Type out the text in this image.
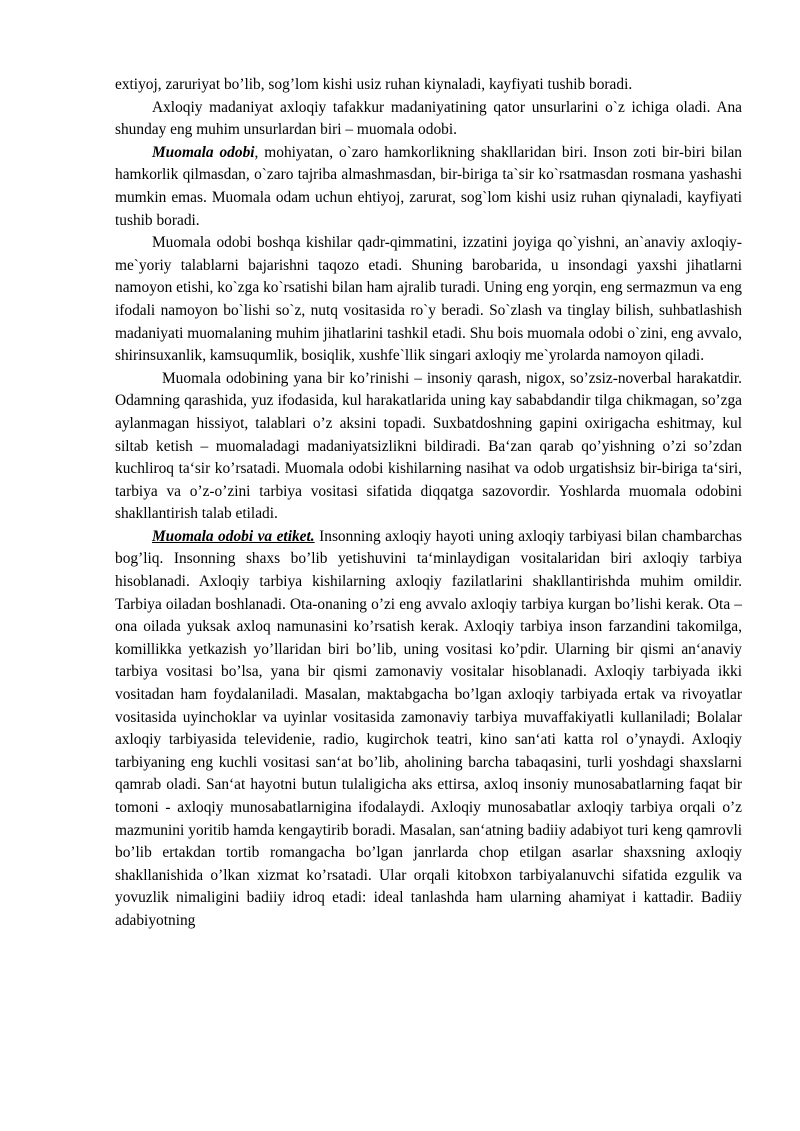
extiyoj, zaruriyat bo’lib, sog’lom kishi usiz ruhan kiynaladi, kayfiyati tushib boradi.

Axloqiy madaniyat axloqiy tafakkur madaniyatining qator unsurlarini o`z ichiga oladi. Ana shunday eng muhim unsurlardan biri – muomala odobi.

Muomala odobi, mohiyatan, o`zaro hamkorlikning shakllaridan biri. Inson zoti bir-biri bilan hamkorlik qilmasdan, o`zaro tajriba almashmasdan, bir-biriga ta`sir ko`rsatmasdan rosmana yashashi mumkin emas. Muomala odam uchun ehtiyoj, zarurat, sog`lom kishi usiz ruhan qiynaladi, kayfiyati tushib boradi.

Muomala odobi boshqa kishilar qadr-qimmatini, izzatini joyiga qo`yishni, an`anaviy axloqiy-me`yoriy talablarni bajarishni taqozo etadi. Shuning barobarida, u insondagi yaxshi jihatlarni namoyon etishi, ko`zga ko`rsatishi bilan ham ajralib turadi. Uning eng yorqin, eng sermazmun va eng ifodali namoyon bo`lishi so`z, nutq vositasida ro`y beradi. So`zlash va tinglay bilish, suhbatlashish madaniyati muomalaning muhim jihatlarini tashkil etadi. Shu bois muomala odobi o`zini, eng avvalo, shirinsuxanlik, kamsuqumlik, bosiqlik, xushfe`llik singari axloqiy me`yrolarda namoyon qiladi.

Muomala odobining yana bir ko’rinishi – insoniy qarash, nigox, so’zsiz-noverbal harakatdir. Odamning qarashida, yuz ifodasida, kul harakatlarida uning kay sababdandir tilga chikmagan, so’zga aylanmagan hissiyot, talablari o’z aksini topadi. Suxbatdoshning gapini oxirigacha eshitmay, kul siltab ketish – muomaladagi madaniyatsizlikni bildiradi. Ba‘zan qarab qo’yishning o’zi so’zdan kuchliroq ta‘sir ko’rsatadi. Muomala odobi kishilarning nasihat va odob urgatishsiz bir-biriga ta‘siri, tarbiya va o’z-o’zini tarbiya vositasi sifatida diqqatga sazovordir. Yoshlarda muomala odobini shakllantirish talab etiladi.

Muomala odobi va etiket. Insonning axloqiy hayoti uning axloqiy tarbiyasi bilan chambarchas bog’liq. Insonning shaxs bo’lib yetishuvini ta‘minlaydigan vositalaridan biri axloqiy tarbiya hisoblanadi. Axloqiy tarbiya kishilarning axloqiy fazilatlarini shakllantirishda muhim omildir. Tarbiya oiladan boshlanadi. Ota-onaning o’zi eng avvalo axloqiy tarbiya kurgan bo’lishi kerak. Ota – ona oilada yuksak axloq namunasini ko’rsatish kerak. Axloqiy tarbiya inson farzandini takomilga, komillikka yetkazish yo’llaridan biri bo’lib, uning vositasi ko’pdir. Ularning bir qismi an‘anaviy tarbiya vositasi bo’lsa, yana bir qismi zamonaviy vositalar hisoblanadi. Axloqiy tarbiyada ikki vositadan ham foydalaniladi. Masalan, maktabgacha bo’lgan axloqiy tarbiyada ertak va rivoyatlar vositasida uyinchoklar va uyinlar vositasida zamonaviy tarbiya muvaffakiyatli kullaniladi; Bolalar axloqiy tarbiyasida televidenie, radio, kugirchok teatri, kino san‘ati katta rol o’ynaydi. Axloqiy tarbiyaning eng kuchli vositasi san‘at bo’lib, aholining barcha tabaqasini, turli yoshdagi shaxslarni qamrab oladi. San‘at hayotni butun tulaligicha aks ettirsa, axloq insoniy munosabatlarning faqat bir tomoni - axloqiy munosabatlarnigina ifodalaydi. Axloqiy munosabatlar axloqiy tarbiya orqali o’z mazmunini yoritib hamda kengaytirib boradi. Masalan, san‘atning badiiy adabiyot turi keng qamrovli bo’lib ertakdan tortib romangacha bo’lgan janrlarda chop etilgan asarlar shaxsning axloqiy shakllanishida o’lkan xizmat ko’rsatadi. Ular orqali kitobxon tarbiyalanuvchi sifatida ezgulik va yovuzlik nimaligini badiiy idroq etadi: ideal tanlashda ham ularning ahamiyat i kattadir. Badiiy adabiyotning
